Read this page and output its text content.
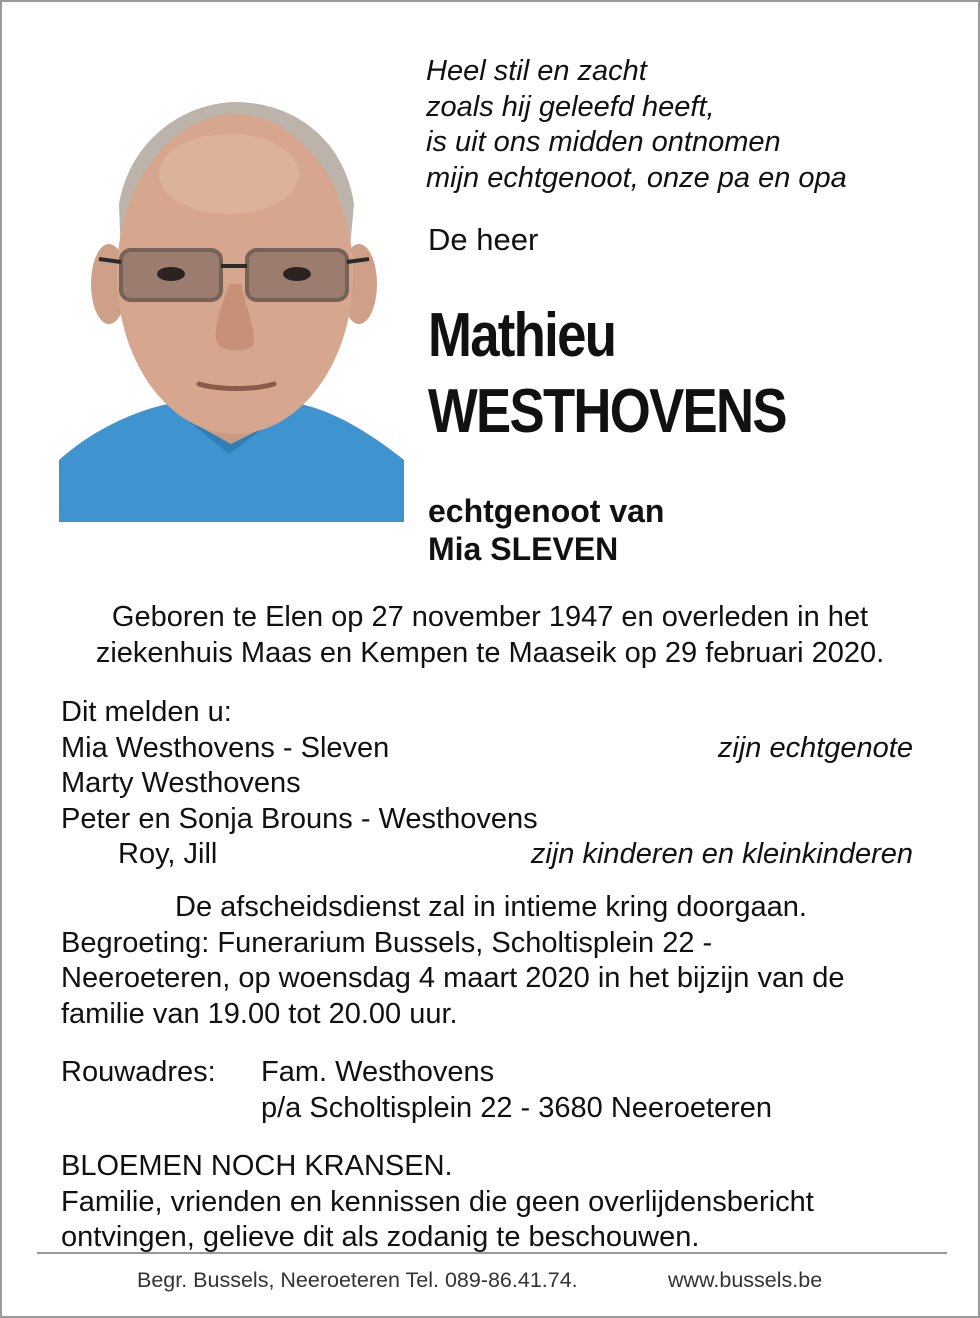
Heel stil en zacht
zoals hij geleefd heeft,
is uit ons midden ontnomen
mijn echtgenoot, onze pa en opa
De heer
Mathieu
WESTHOVENS
echtgenoot van
Mia SLEVEN
Geboren te Elen op 27 november 1947 en overleden in het
ziekenhuis Maas en Kempen te Maaseik op 29 februari 2020.
Dit melden u:
Mia Westhovens - Sleven	zijn echtgenote
Marty Westhovens
Peter en Sonja Brouns - Westhovens
Roy, Jill	zijn kinderen en kleinkinderen
De afscheidsdienst zal in intieme kring doorgaan.
Begroeting: Funerarium Bussels, Scholtisplein 22 -
Neeroeteren, op woensdag 4 maart 2020 in het bijzijn van de
familie van 19.00 tot 20.00 uur.
Rouwadres:	Fam. Westhovens
p/a Scholtisplein 22 - 3680 Neeroeteren
BLOEMEN NOCH KRANSEN.
Familie, vrienden en kennissen die geen overlijdensbericht
ontvingen, gelieve dit als zodanig te beschouwen.
Begr. Bussels, Neeroeteren Tel. 089-86.41.74.	www.bussels.be
